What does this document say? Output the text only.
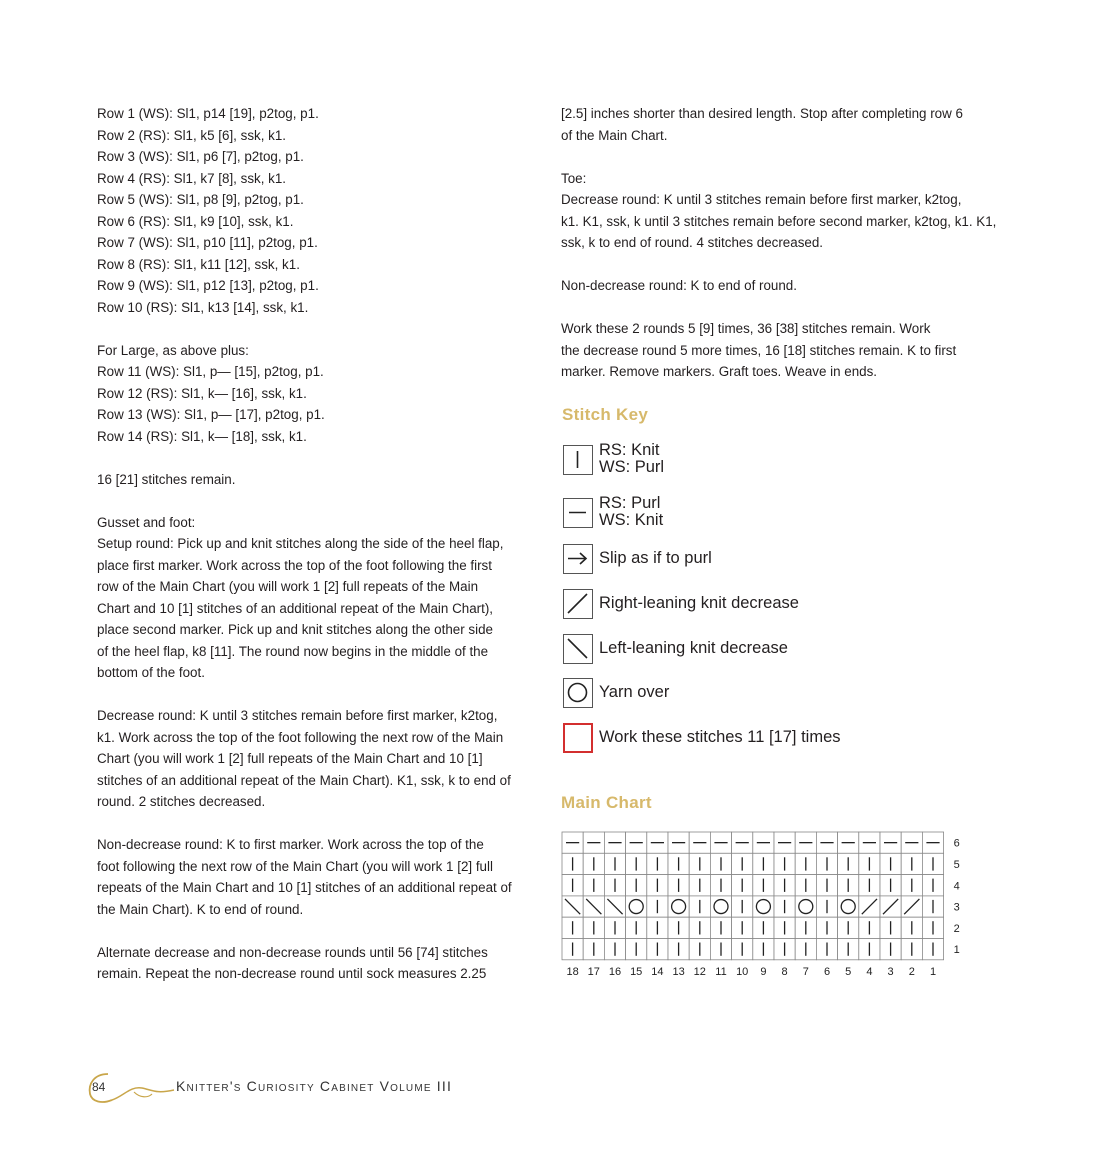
Row 1 (WS): Sl1, p14 [19], p2tog, p1.
Row 2 (RS): Sl1, k5 [6], ssk, k1.
Row 3 (WS): Sl1, p6 [7], p2tog, p1.
Row 4 (RS): Sl1, k7 [8], ssk, k1.
Row 5 (WS): Sl1, p8 [9], p2tog, p1.
Row 6 (RS): Sl1, k9 [10], ssk, k1.
Row 7 (WS): Sl1, p10 [11], p2tog, p1.
Row 8 (RS): Sl1, k11 [12], ssk, k1.
Row 9 (WS): Sl1, p12 [13], p2tog, p1.
Row 10 (RS): Sl1, k13 [14], ssk, k1.
For Large, as above plus:
Row 11 (WS): Sl1, p— [15], p2tog, p1.
Row 12 (RS): Sl1, k— [16], ssk, k1.
Row 13 (WS): Sl1, p— [17], p2tog, p1.
Row 14 (RS): Sl1, k— [18], ssk, k1.
16 [21] stitches remain.
Gusset and foot:
Setup round: Pick up and knit stitches along the side of the heel flap,
place first marker. Work across the top of the foot following the first
row of the Main Chart (you will work 1 [2] full repeats of the Main
Chart and 10 [1] stitches of an additional repeat of the Main Chart),
place second marker. Pick up and knit stitches along the other side
of the heel flap, k8 [11]. The round now begins in the middle of the
bottom of the foot.
Decrease round: K until 3 stitches remain before first marker, k2tog,
k1. Work across the top of the foot following the next row of the Main
Chart (you will work 1 [2] full repeats of the Main Chart and 10 [1]
stitches of an additional repeat of the Main Chart). K1, ssk, k to end of
round. 2 stitches decreased.
Non-decrease round: K to first marker. Work across the top of the
foot following the next row of the Main Chart (you will work 1 [2] full
repeats of the Main Chart and 10 [1] stitches of an additional repeat of
the Main Chart). K to end of round.
Alternate decrease and non-decrease rounds until 56 [74] stitches
remain. Repeat the non-decrease round until sock measures 2.25
[2.5] inches shorter than desired length. Stop after completing row 6
of the Main Chart.
Toe:
Decrease round: K until 3 stitches remain before first marker, k2tog,
k1. K1, ssk, k until 3 stitches remain before second marker, k2tog, k1. K1,
ssk, k to end of round. 4 stitches decreased.
Non-decrease round: K to end of round.
Work these 2 rounds 5 [9] times, 36 [38] stitches remain. Work
the decrease round 5 more times, 16 [18] stitches remain. K to first
marker. Remove markers. Graft toes. Weave in ends.
Stitch Key
RS: Knit
WS: Purl
RS: Purl
WS: Knit
Slip as if to purl
Right-leaning knit decrease
Left-leaning knit decrease
Yarn over
Work these stitches 11 [17] times
Main Chart
6
5
4
3
2
1
18 17 16 15 14 13 12 11 10 9 8 7 6 5 4 3 2 1
84	Knitter's Curiosity Cabinet Volume III
